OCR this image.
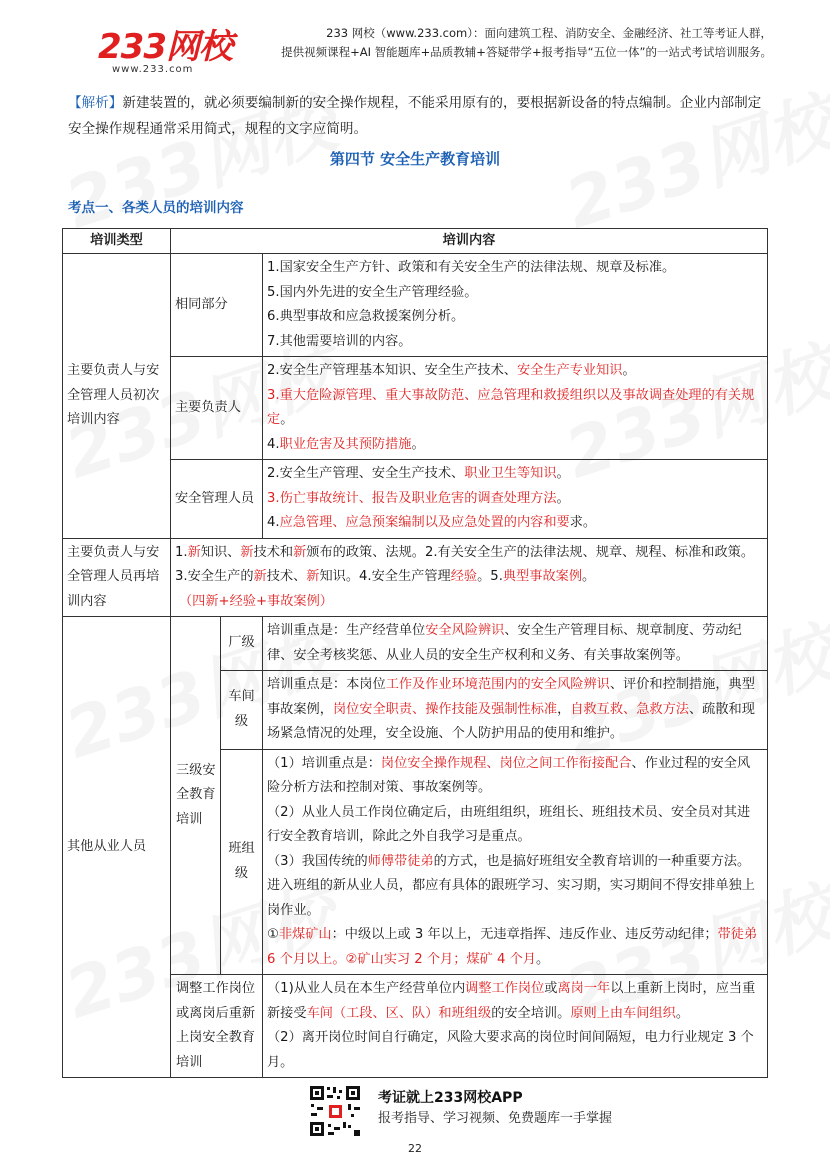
233网校
www.233.com
233 网校（www.233.com）：面向建筑工程、消防安全、金融经济、社工等考证人群，
提供视频课程+AI 智能题库+品质教辅+答疑带学+报考指导“五位一体”的一站式考试培训服务。
【解析】新建装置的，就必须要编制新的安全操作规程，不能采用原有的，要根据新设备的特点编制。企业内部制定安全操作规程通常采用简式，规程的文字应简明。
第四节 安全生产教育培训
考点一、各类人员的培训内容
培训类型	培训内容		
主要负责人与安全管理人员初次培训内容	相同部分		1.国家安全生产方针、政策和有关安全生产的法律法规、规章及标准。
5.国内外先进的安全生产管理经验。
6.典型事故和应急救援案例分析。
7.其他需要培训的内容。

	主要负责人		2.安全生产管理基本知识、安全生产技术、安全生产专业知识。
3.重大危险源管理、重大事故防范、应急管理和救援组织以及事故调查处理的有关规定。
4.职业危害及其预防措施。

	安全管理人员		2.安全生产管理、安全生产技术、职业卫生等知识。
3.伤亡事故统计、报告及职业危害的调查处理方法。
4.应急管理、应急预案编制以及应急处置的内容和要求。

主要负责人与安全管理人员再培训内容	1.新知识、新技术和新颁布的政策、法规。2.有关安全生产的法律法规、规章、规程、标准和政策。3.安全生产的新技术、新知识。4.安全生产管理经验。5.典型事故案例。
（四新+经验+事故案例）		

其他从业人员	三级安全教育培训	厂级	培训重点是：生产经营单位安全风险辨识、安全生产管理目标、规章制度、劳动纪律、安全考核奖惩、从业人员的安全生产权利和义务、有关事故案例等。
		车间级	培训重点是：本岗位工作及作业环境范围内的安全风险辨识、评价和控制措施，典型事故案例，岗位安全职责、操作技能及强制性标准，自救互救、急救方法、疏散和现场紧急情况的处理，安全设施、个人防护用品的使用和维护。
		班组级	（1）培训重点是：岗位安全操作规程、岗位之间工作衔接配合、作业过程的安全风险分析方法和控制对策、事故案例等。
（2）从业人员工作岗位确定后，由班组组织，班组长、班组技术员、安全员对其进行安全教育培训，除此之外自我学习是重点。
（3）我国传统的师傅带徒弟的方式，也是搞好班组安全教育培训的一种重要方法。进入班组的新从业人员，都应有具体的跟班学习、实习期，实习期间不得安排单独上岗作业。
①非煤矿山：中级以上或 3 年以上，无违章指挥、违反作业、违反劳动纪律；带徒弟 6 个月以上。②矿山实习 2 个月；煤矿 4 个月。

	调整工作岗位或离岗后重新上岗安全教育培训		（1)从业人员在本生产经营单位内调整工作岗位或离岗一年以上重新上岗时，应当重新接受车间（工段、区、队）和班组级的安全培训。原则上由车间组织。
（2）离开岗位时间自行确定，风险大要求高的岗位时间间隔短，电力行业规定 3 个月。
考证就上233网校APP
报考指导、学习视频、免费题库一手掌握
22
